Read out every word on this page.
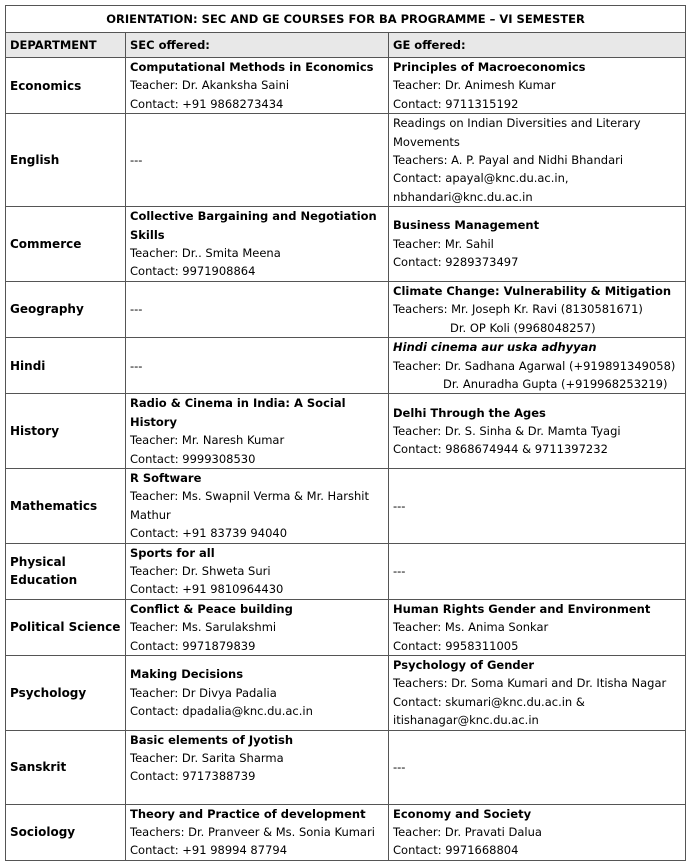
ORIENTATION: SEC AND GE COURSES FOR BA PROGRAMME – VI SEMESTER		
DEPARTMENT	SEC offered:	GE offered:
Economics	Computational Methods in Economics
Teacher: Dr. Akanksha Saini
Contact: +91 9868273434	Principles of Macroeconomics
Teacher: Dr. Animesh Kumar
Contact: 9711315192

English	---	Readings on Indian Diversities and Literary Movements
Teachers: A. P. Payal and Nidhi Bhandari
Contact: apayal@knc.du.ac.in,
nbhandari@knc.du.ac.in

Commerce	Collective Bargaining and Negotiation Skills
Teacher: Dr.. Smita Meena
Contact: 9971908864	Business Management
Teacher: Mr. Sahil
Contact: 9289373497

Geography	---	Climate Change: Vulnerability & Mitigation
Teachers: Mr. Joseph Kr. Ravi (8130581671)
Dr. OP Koli (9968048257)

Hindi	---	Hindi cinema aur uska adhyyan
Teacher: Dr. Sadhana Agarwal (+919891349058)
Dr. Anuradha Gupta (+919968253219)

History	Radio & Cinema in India: A Social History
Teacher: Mr. Naresh Kumar
Contact: 9999308530	Delhi Through the Ages
Teacher: Dr. S. Sinha & Dr. Mamta Tyagi
Contact: 9868674944 & 9711397232

Mathematics	R Software
Teacher: Ms. Swapnil Verma & Mr. Harshit Mathur
Contact: +91 83739 94040	---
Physical Education	Sports for all
Teacher: Dr. Shweta Suri
Contact: +91 9810964430	---
Political Science	Conflict & Peace building
Teacher: Ms. Sarulakshmi
Contact: 9971879839	Human Rights Gender and Environment
Teacher: Ms. Anima Sonkar
Contact: 9958311005

Psychology	Making Decisions
Teacher: Dr Divya Padalia
Contact: dpadalia@knc.du.ac.in	Psychology of Gender
Teachers: Dr. Soma Kumari and Dr. Itisha Nagar
Contact: skumari@knc.du.ac.in &
itishanagar@knc.du.ac.in

Sanskrit	Basic elements of Jyotish
Teacher: Dr. Sarita Sharma
Contact: 9717388739	---
Sociology	Theory and Practice of development
Teachers: Dr. Pranveer & Ms. Sonia Kumari
Contact: +91 98994 87794	Economy and Society
Teacher: Dr. Pravati Dalua
Contact: 9971668804
